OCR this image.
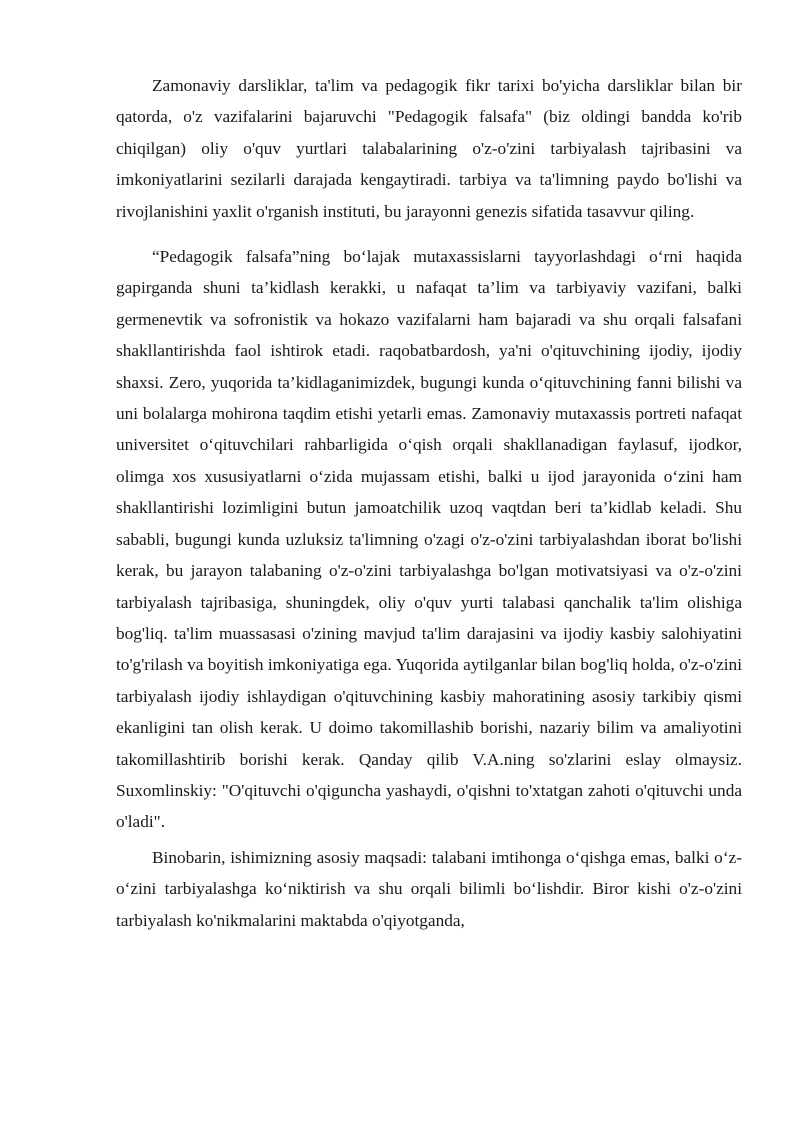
Zamonaviy darsliklar, ta'lim va pedagogik fikr tarixi bo'yicha darsliklar bilan bir qatorda, o'z vazifalarini bajaruvchi "Pedagogik falsafa" (biz oldingi bandda ko'rib chiqilgan) oliy o'quv yurtlari talabalarining o'z-o'zini tarbiyalash tajribasini va imkoniyatlarini sezilarli darajada kengaytiradi. tarbiya va ta'limning paydo bo'lishi va rivojlanishini yaxlit o'rganish instituti, bu jarayonni genezis sifatida tasavvur qiling.

“Pedagogik falsafa”ning bo‘lajak mutaxassislarni tayyorlashdagi o‘rni haqida gapirganda shuni ta’kidlash kerakki, u nafaqat ta’lim va tarbiyaviy vazifani, balki germenevtik va sofronistik va hokazo vazifalarni ham bajaradi va shu orqali falsafani shakllantirishda faol ishtirok etadi. raqobatbardosh, ya'ni o'qituvchining ijodiy, ijodiy shaxsi. Zero, yuqorida ta’kidlaganimizdek, bugungi kunda o‘qituvchining fanni bilishi va uni bolalarga mohirona taqdim etishi yetarli emas. Zamonaviy mutaxassis portreti nafaqat universitet o‘qituvchilari rahbarligida o‘qish orqali shakllanadigan faylasuf, ijodkor, olimga xos xususiyatlarni o‘zida mujassam etishi, balki u ijod jarayonida o‘zini ham shakllantirishi lozimligini butun jamoatchilik uzoq vaqtdan beri ta’kidlab keladi. Shu sababli, bugungi kunda uzluksiz ta'limning o'zagi o'z-o'zini tarbiyalashdan iborat bo'lishi kerak, bu jarayon talabaning o'z-o'zini tarbiyalashga bo'lgan motivatsiyasi va o'z-o'zini tarbiyalash tajribasiga, shuningdek, oliy o'quv yurti talabasi qanchalik ta'lim olishiga bog'liq. ta'lim muassasasi o'zining mavjud ta'lim darajasini va ijodiy kasbiy salohiyatini to'g'rilash va boyitish imkoniyatiga ega. Yuqorida aytilganlar bilan bog'liq holda, o'z-o'zini tarbiyalash ijodiy ishlaydigan o'qituvchining kasbiy mahoratining asosiy tarkibiy qismi ekanligini tan olish kerak. U doimo takomillashib borishi, nazariy bilim va amaliyotini takomillashtirib borishi kerak. Qanday qilib V.A.ning so'zlarini eslay olmaysiz. Suxomlinskiy: "O'qituvchi o'qiguncha yashaydi, o'qishni to'xtatgan zahoti o'qituvchi unda o'ladi".

Binobarin, ishimizning asosiy maqsadi: talabani imtihonga o‘qishga emas, balki o‘z-o‘zini tarbiyalashga ko‘niktirish va shu orqali bilimli bo‘lishdir. Biror kishi o'z-o'zini tarbiyalash ko'nikmalarini maktabda o'qiyotganda,
